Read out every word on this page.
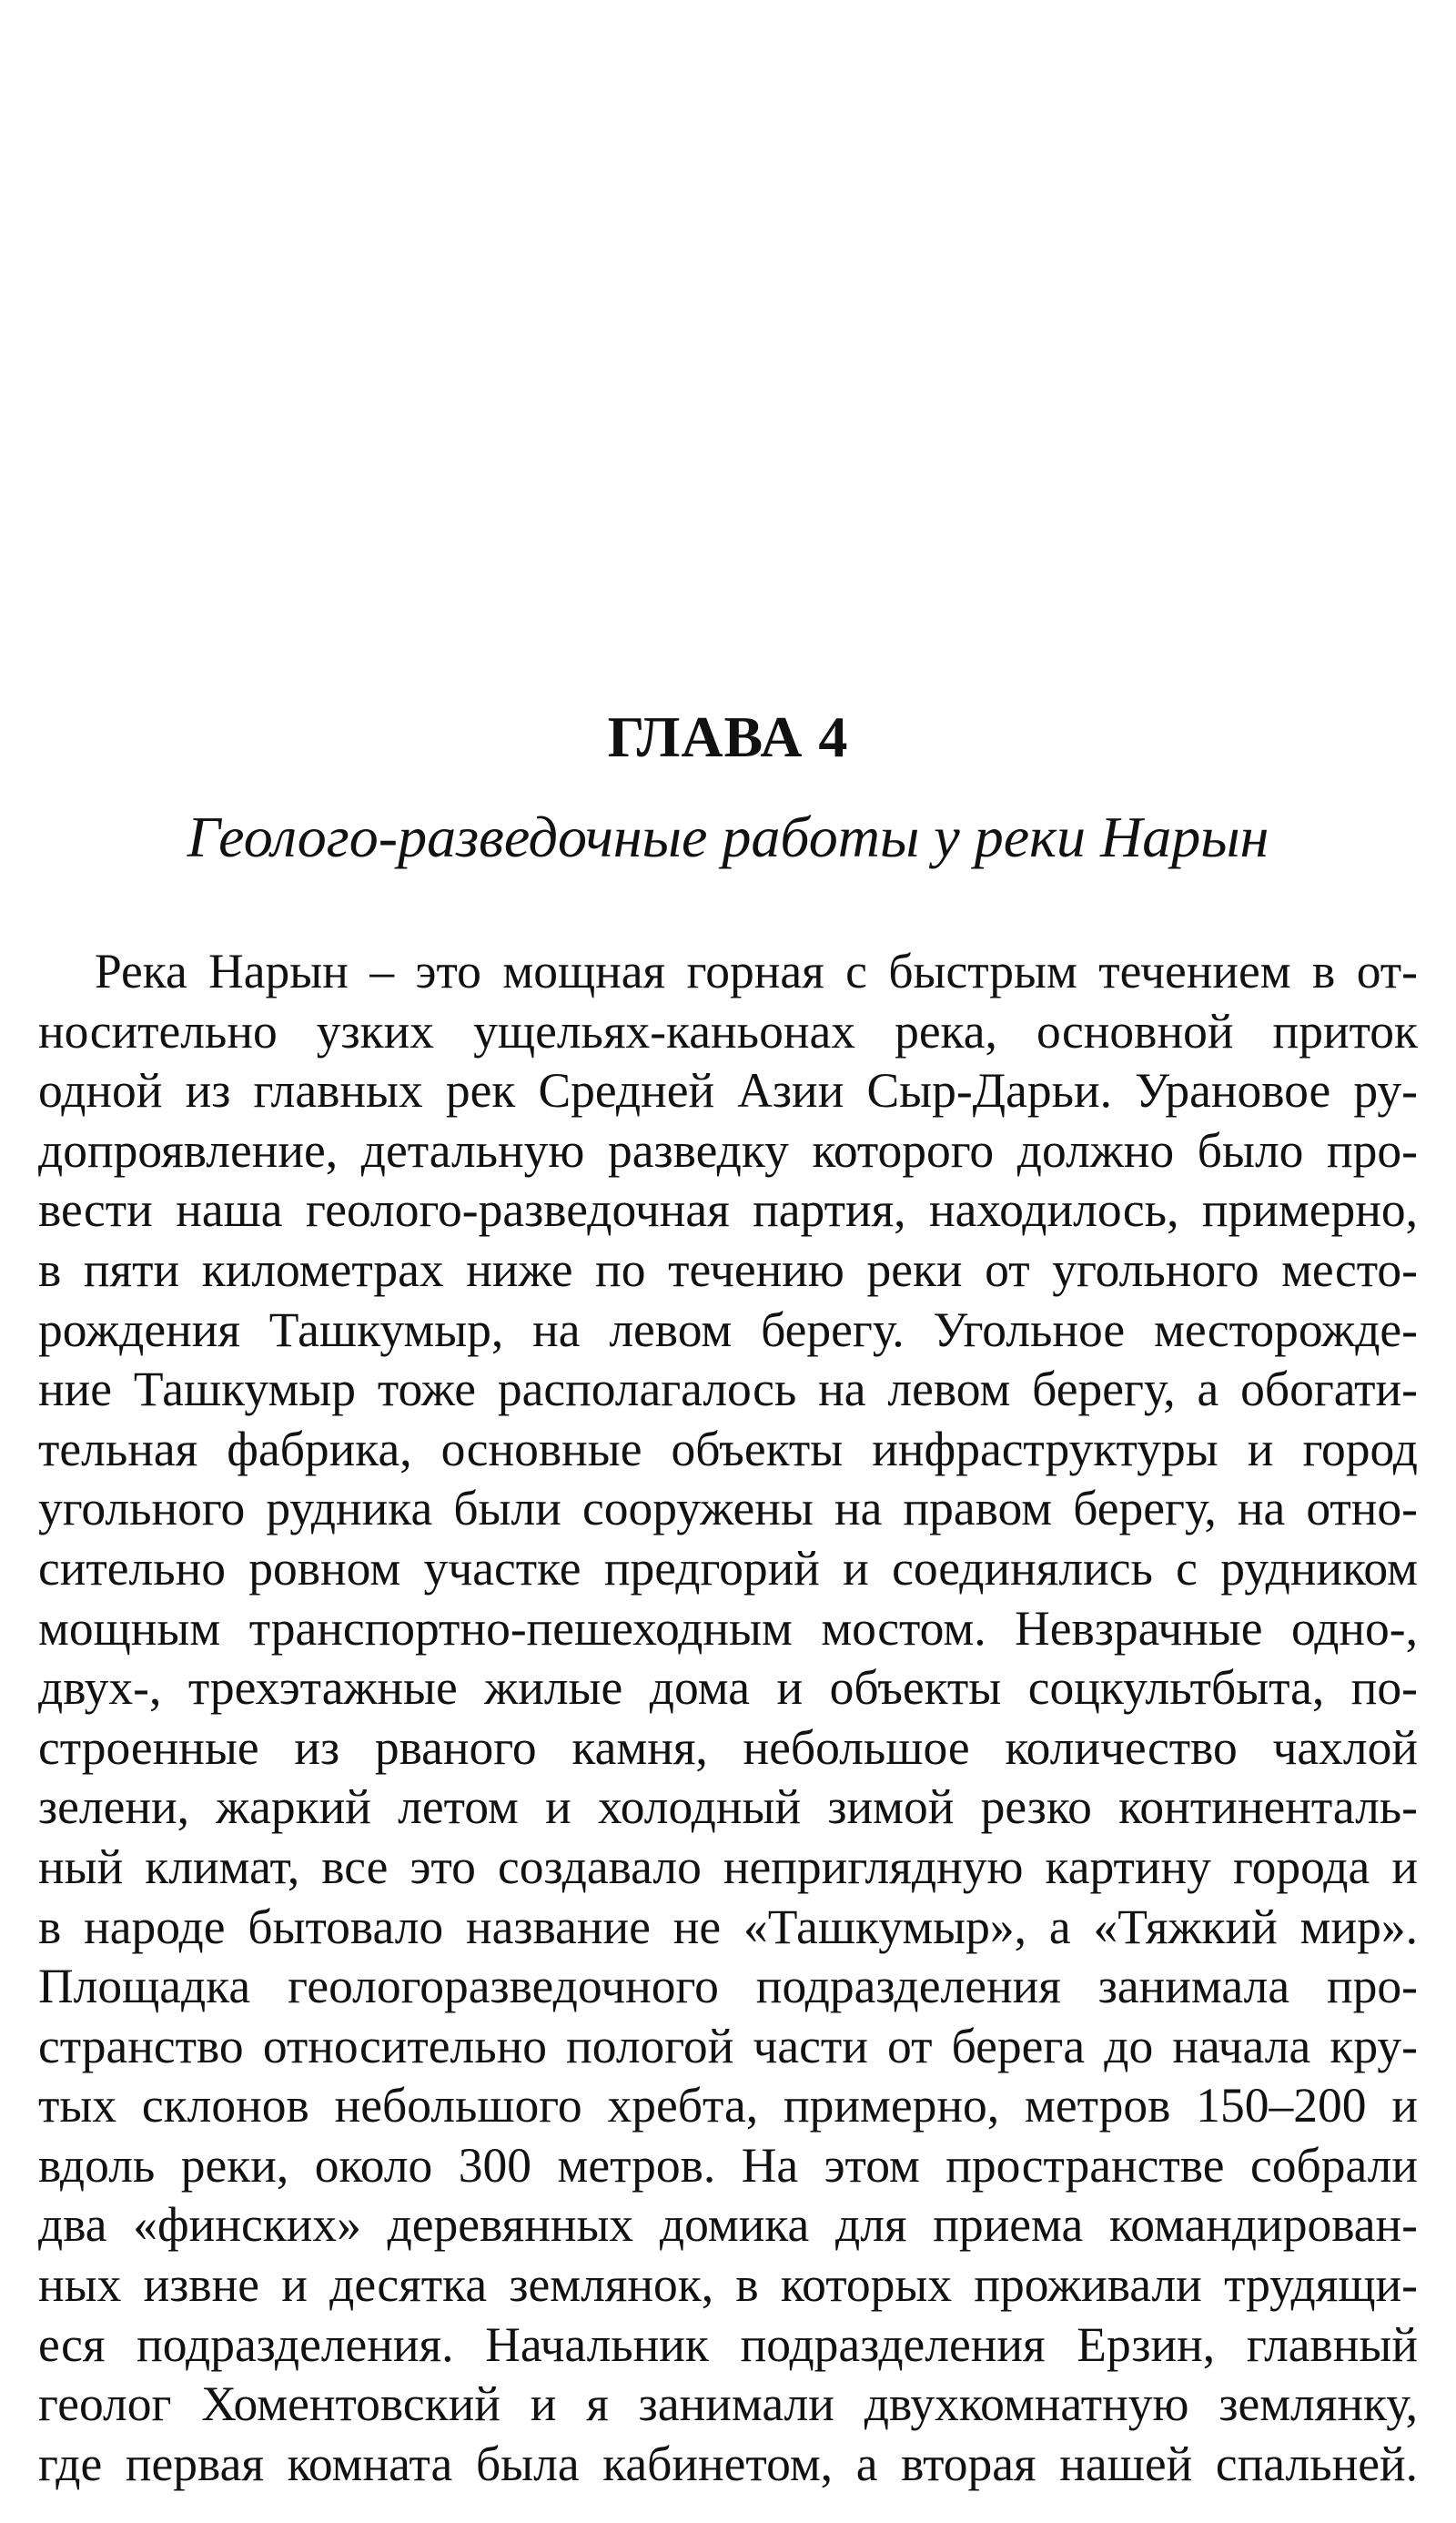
ГЛАВА 4
Геолого-разведочные работы у реки Нарын
Река Нарын – это мощная горная с быстрым течением в от-
носительно узких ущельях-каньонах река, основной приток
одной из главных рек Средней Азии Сыр-Дарьи. Урановое ру-
допроявление, детальную разведку которого должно было про-
вести наша геолого-разведочная партия, находилось, примерно,
в пяти километрах ниже по течению реки от угольного место-
рождения Ташкумыр, на левом берегу. Угольное месторожде-
ние Ташкумыр тоже располагалось на левом берегу, а обогати-
тельная фабрика, основные объекты инфраструктуры и город
угольного рудника были сооружены на правом берегу, на отно-
сительно ровном участке предгорий и соединялись с рудником
мощным транспортно-пешеходным мостом. Невзрачные одно-,
двух-, трехэтажные жилые дома и объекты соцкультбыта, по-
строенные из рваного камня, небольшое количество чахлой
зелени, жаркий летом и холодный зимой резко континенталь-
ный климат, все это создавало неприглядную картину города и
в народе бытовало название не «Ташкумыр», а «Тяжкий мир».
Площадка геологоразведочного подразделения занимала про-
странство относительно пологой части от берега до начала кру-
тых склонов небольшого хребта, примерно, метров 150–200 и
вдоль реки, около 300 метров. На этом пространстве собрали
два «финских» деревянных домика для приема командирован-
ных извне и десятка землянок, в которых проживали трудящи-
еся подразделения. Начальник подразделения Ерзин, главный
геолог Хоментовский и я занимали двухкомнатную землянку,
где первая комната была кабинетом, а вторая нашей спальней.
